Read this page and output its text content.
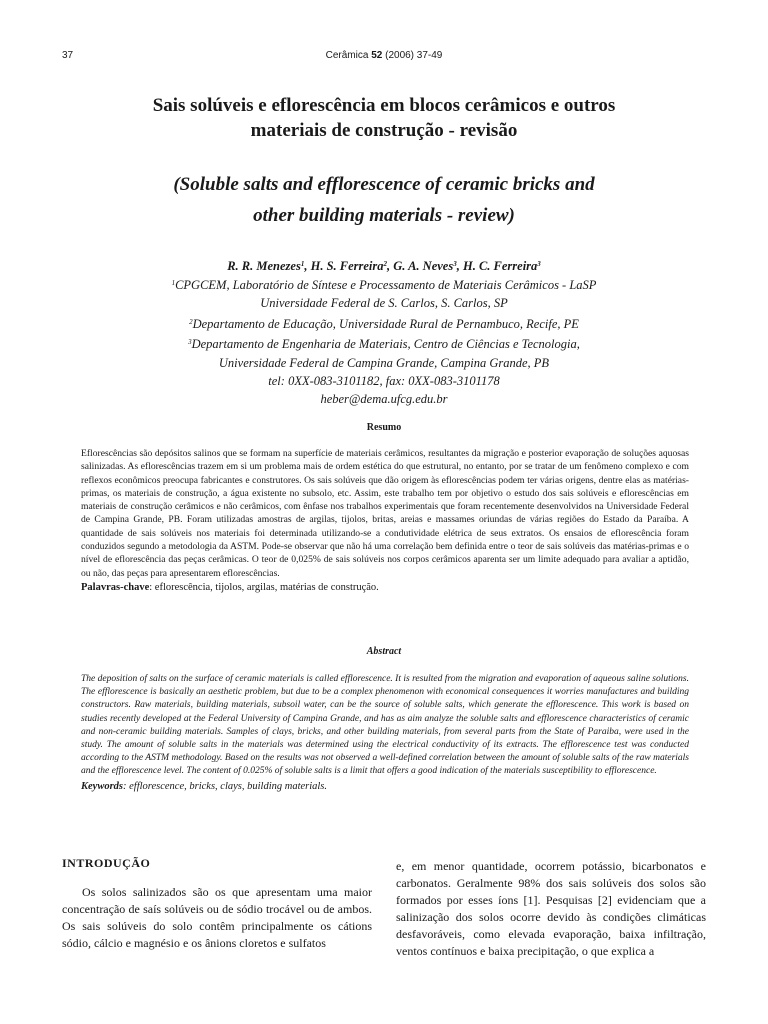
37	Cerâmica 52 (2006) 37-49
Sais solúveis e eflorescência em blocos cerâmicos e outros
materiais de construção - revisão
(Soluble salts and efflorescence of ceramic bricks and
other building materials - review)
R. R. Menezes$^1$, H. S. Ferreira$^2$, G. A. Neves$^3$, H. C. Ferreira$^3$
$^1$CPGCEM, Laboratório de Síntese e Processamento de Materiais Cerâmicos - LaSP
Universidade Federal de S. Carlos, S. Carlos, SP
$^2$Departamento de Educação, Universidade Rural de Pernambuco, Recife, PE
$^3$Departamento de Engenharia de Materiais, Centro de Ciências e Tecnologia,
Universidade Federal de Campina Grande, Campina Grande, PB
tel: 0XX-083-3101182, fax: 0XX-083-3101178
heber@dema.ufcg.edu.br
Resumo
Eflorescências são depósitos salinos que se formam na superfície de materiais cerâmicos, resultantes da migração e posterior evaporação de soluções aquosas salinizadas. As eflorescências trazem em si um problema mais de ordem estética do que estrutural, no entanto, por se tratar de um fenômeno complexo e com reflexos econômicos preocupa fabricantes e construtores. Os sais solúveis que dão origem às eflorescências podem ter várias origens, dentre elas as matérias-primas, os materiais de construção, a água existente no subsolo, etc. Assim, este trabalho tem por objetivo o estudo dos sais solúveis e eflorescências em materiais de construção cerâmicos e não cerâmicos, com ênfase nos trabalhos experimentais que foram recentemente desenvolvidos na Universidade Federal de Campina Grande, PB. Foram utilizadas amostras de argilas, tijolos, britas, areias e massames oriundas de várias regiões do Estado da Paraíba. A quantidade de sais solúveis nos materiais foi determinada utilizando-se a condutividade elétrica de seus extratos. Os ensaios de eflorescência foram conduzidos segundo a metodologia da ASTM. Pode-se observar que não há uma correlação bem definida entre o teor de sais solúveis das matérias-primas e o nível de eflorescência das peças cerâmicas. O teor de 0,025% de sais solúveis nos corpos cerâmicos aparenta ser um limite adequado para avaliar a aptidão, ou não, das peças para apresentarem eflorescências.
Palavras-chave: eflorescência, tijolos, argilas, matérias de construção.
Abstract
The deposition of salts on the surface of ceramic materials is called efflorescence. It is resulted from the migration and evaporation of aqueous saline solutions. The efflorescence is basically an aesthetic problem, but due to be a complex phenomenon with economical consequences it worries manufactures and building constructors. Raw materials, building materials, subsoil water, can be the source of soluble salts, which generate the efflorescence. This work is based on studies recently developed at the Federal University of Campina Grande, and has as aim analyze the soluble salts and efflorescence characteristics of ceramic and non-ceramic building materials. Samples of clays, bricks, and other building materials, from several parts from the State of Paraiba, were used in the study. The amount of soluble salts in the materials was determined using the electrical conductivity of its extracts. The efflorescence test was conducted according to the ASTM methodology. Based on the results was not observed a well-defined correlation between the amount of soluble salts of the raw materials and the efflorescence level. The content of 0.025% of soluble salts is a limit that offers a good indication of the materials susceptibility to efflorescence.
Keywords: efflorescence, bricks, clays, building materials.
INTRODUÇÃO

Os solos salinizados são os que apresentam uma maior concentração de saís solúveis ou de sódio trocável ou de ambos. Os sais solúveis do solo contêm principalmente os cátions sódio, cálcio e magnésio e os ânions cloretos e sulfatos

e, em menor quantidade, ocorrem potássio, bicarbonatos e carbonatos. Geralmente 98% dos sais solúveis dos solos são formados por esses íons [1]. Pesquisas [2] evidenciam que a salinização dos solos ocorre devido às condições climáticas desfavoráveis, como elevada evaporação, baixa infiltração, ventos contínuos e baixa precipitação, o que explica a
